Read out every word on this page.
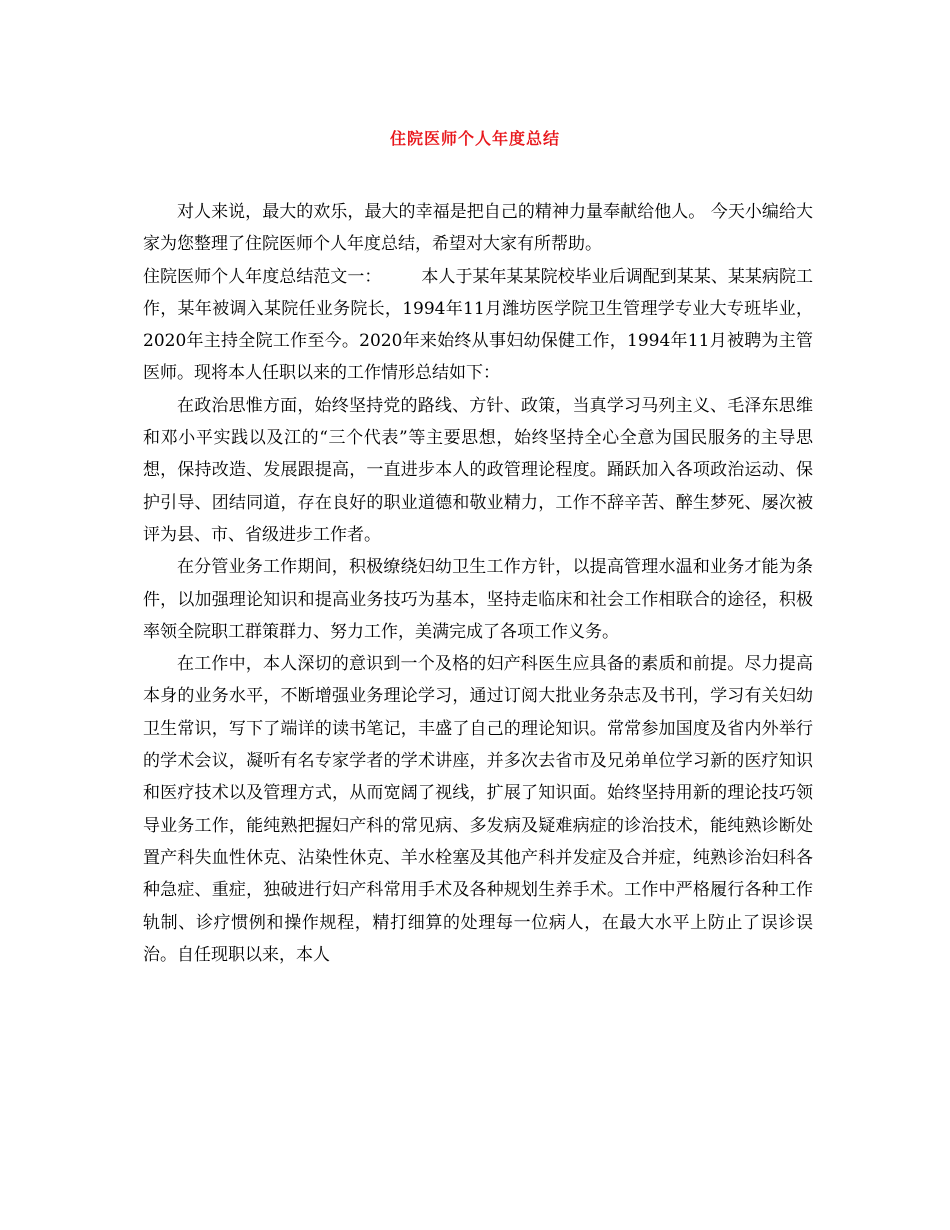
住院医师个人年度总结

对人来说，最大的欢乐，最大的幸福是把自己的精神力量奉献给他人。 今天小编给大家为您整理了住院医师个人年度总结，希望对大家有所帮助。

住院医师个人年度总结范文一： 本人于某年某某院校毕业后调配到某某、某某病院工作，某年被调入某院任业务院长，1994年11月潍坊医学院卫生管理学专业大专班毕业，2020年主持全院工作至今。2020年来始终从事妇幼保健工作，1994年11月被聘为主管医师。现将本人任职以来的工作情形总结如下：

在政治思惟方面，始终坚持党的路线、方针、政策，当真学习马列主义、毛泽东思维和邓小平实践以及江的“三个代表”等主要思想，始终坚持全心全意为国民服务的主导思想，保持改造、发展跟提高，一直进步本人的政管理论程度。踊跃加入各项政治运动、保护引导、团结同道，存在良好的职业道德和敬业精力，工作不辞辛苦、醉生梦死、屡次被评为县、市、省级进步工作者。

在分管业务工作期间，积极缭绕妇幼卫生工作方针，以提高管理水温和业务才能为条件，以加强理论知识和提高业务技巧为基本，坚持走临床和社会工作相联合的途径，积极率领全院职工群策群力、努力工作，美满完成了各项工作义务。

在工作中，本人深切的意识到一个及格的妇产科医生应具备的素质和前提。尽力提高本身的业务水平，不断增强业务理论学习，通过订阅大批业务杂志及书刊，学习有关妇幼卫生常识，写下了端详的读书笔记，丰盛了自己的理论知识。常常参加国度及省内外举行的学术会议，凝听有名专家学者的学术讲座，并多次去省市及兄弟单位学习新的医疗知识和医疗技术以及管理方式，从而宽阔了视线，扩展了知识面。始终坚持用新的理论技巧领导业务工作，能纯熟把握妇产科的常见病、多发病及疑难病症的诊治技术，能纯熟诊断处置产科失血性休克、沾染性休克、羊水栓塞及其他产科并发症及合并症，纯熟诊治妇科各种急症、重症，独破进行妇产科常用手术及各种规划生养手术。工作中严格履行各种工作轨制、诊疗惯例和操作规程，精打细算的处理每一位病人，在最大水平上防止了误诊误治。自任现职以来，本人
